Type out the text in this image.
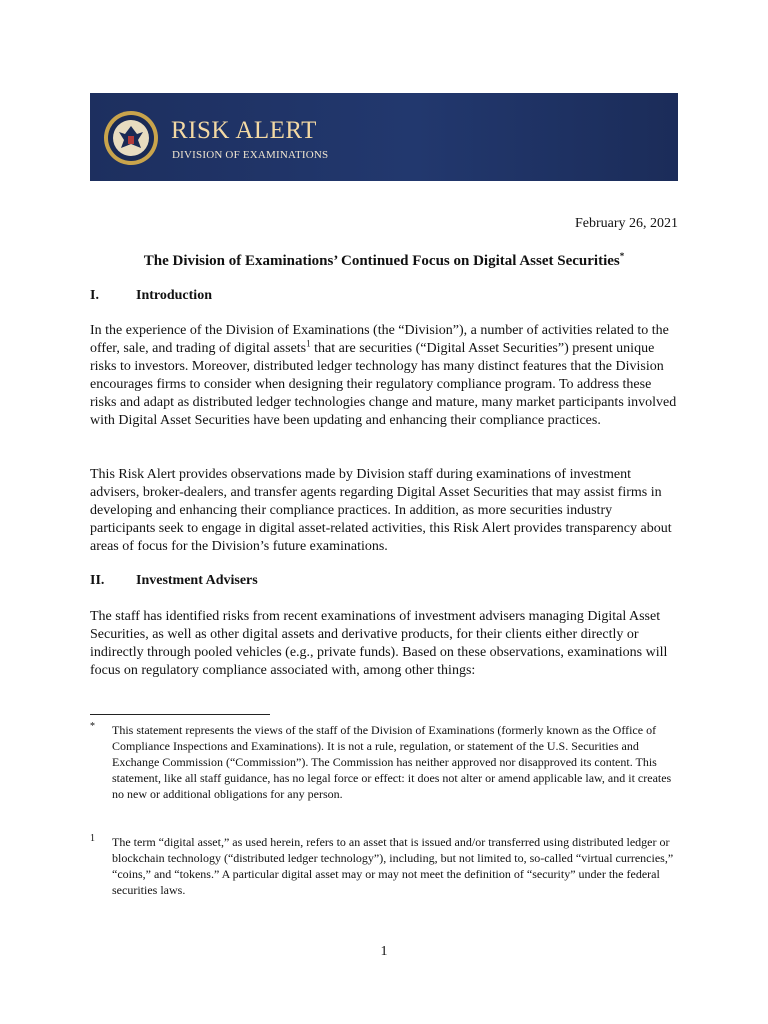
RISK ALERT
DIVISION OF EXAMINATIONS
February 26, 2021
The Division of Examinations’ Continued Focus on Digital Asset Securities*
I.	Introduction

In the experience of the Division of Examinations (the “Division”), a number of activities related to the offer, sale, and trading of digital assets$^1$ that are securities (“Digital Asset Securities”) present unique risks to investors. Moreover, distributed ledger technology has many distinct features that the Division encourages firms to consider when designing their regulatory compliance program. To address these risks and adapt as distributed ledger technologies change and mature, many market participants involved with Digital Asset Securities have been updating and enhancing their compliance practices.

This Risk Alert provides observations made by Division staff during examinations of investment advisers, broker-dealers, and transfer agents regarding Digital Asset Securities that may assist firms in developing and enhancing their compliance practices. In addition, as more securities industry participants seek to engage in digital asset-related activities, this Risk Alert provides transparency about areas of focus for the Division’s future examinations.

II. Investment Advisers

The staff has identified risks from recent examinations of investment advisers managing Digital Asset Securities, as well as other digital assets and derivative products, for their clients either directly or indirectly through pooled vehicles (e.g., private funds). Based on these observations, examinations will focus on regulatory compliance associated with, among other things:

* This statement represents the views of the staff of the Division of Examinations (formerly known as the Office of Compliance Inspections and Examinations). It is not a rule, regulation, or statement of the U.S. Securities and Exchange Commission (“Commission”). The Commission has neither approved nor disapproved its content. This statement, like all staff guidance, has no legal force or effect: it does not alter or amend applicable law, and it creates no new or additional obligations for any person.
1 The term “digital asset,” as used herein, refers to an asset that is issued and/or transferred using distributed ledger or blockchain technology (“distributed ledger technology”), including, but not limited to, so-called “virtual currencies,” “coins,” and “tokens.” A particular digital asset may or may not meet the definition of “security” under the federal securities laws.
1
